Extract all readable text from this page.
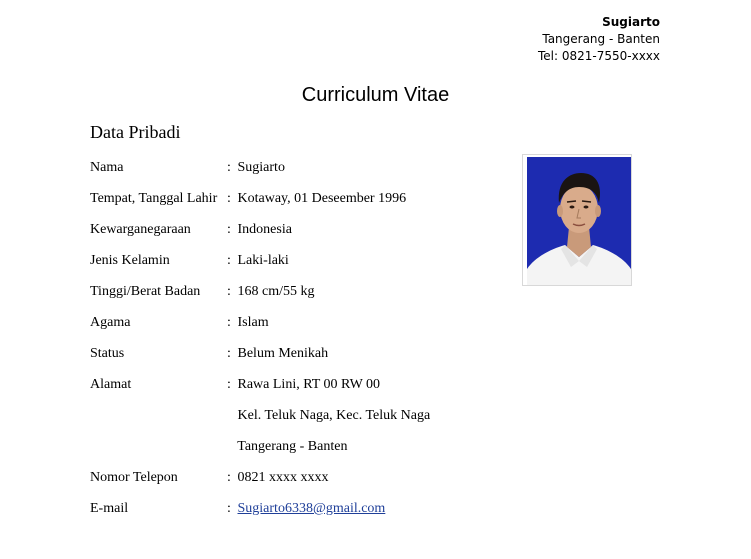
Sugiarto
Tangerang - Banten
Tel: 0821-7550-xxxx
Curriculum Vitae
Data Pribadi
Nama	: Sugiarto
Tempat, Tanggal Lahir : Kotaway, 01 Deseember 1996
Kewarganegaraan	: Indonesia
Jenis Kelamin	: Laki-laki
Tinggi/Berat Badan : 168 cm/55 kg
Agama	: Islam
Status	: Belum Menikah
Alamat	: Rawa Lini, RT 00 RW 00
Kel. Teluk Naga, Kec. Teluk Naga
Tangerang - Banten
Nomor Telepon	: 0821 xxxx xxxx
E-mail	: Sugiarto6338@gmail.com
